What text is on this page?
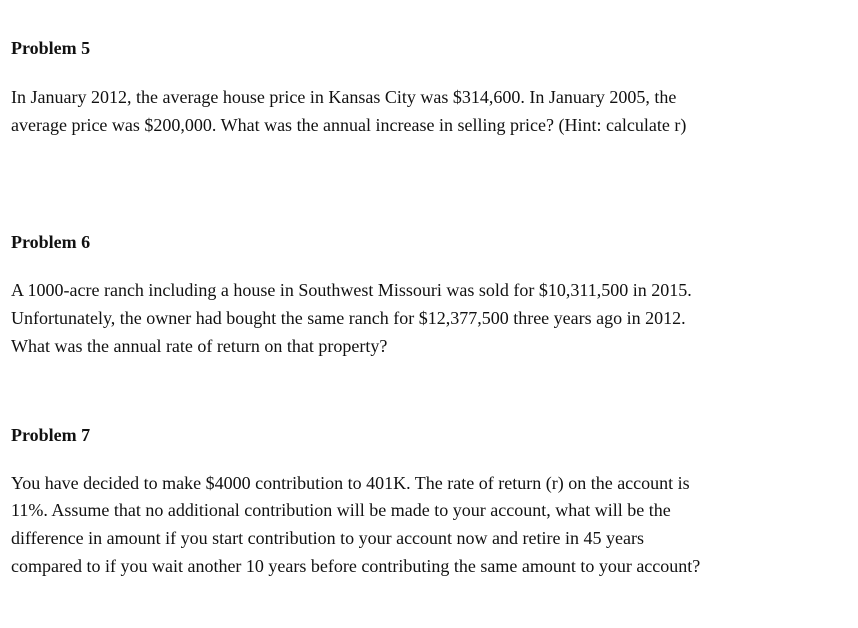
Problem 5

In January 2012, the average house price in Kansas City was $314,600. In January 2005, the

average price was $200,000. What was the annual increase in selling price? (Hint: calculate r)

Problem 6

A 1000-acre ranch including a house in Southwest Missouri was sold for $10,311,500 in 2015.

Unfortunately, the owner had bought the same ranch for $12,377,500 three years ago in 2012.

What was the annual rate of return on that property?

Problem 7

You have decided to make $4000 contribution to 401K. The rate of return (r) on the account is

11%. Assume that no additional contribution will be made to your account, what will be the

difference in amount if you start contribution to your account now and retire in 45 years

compared to if you wait another 10 years before contributing the same amount to your account?
